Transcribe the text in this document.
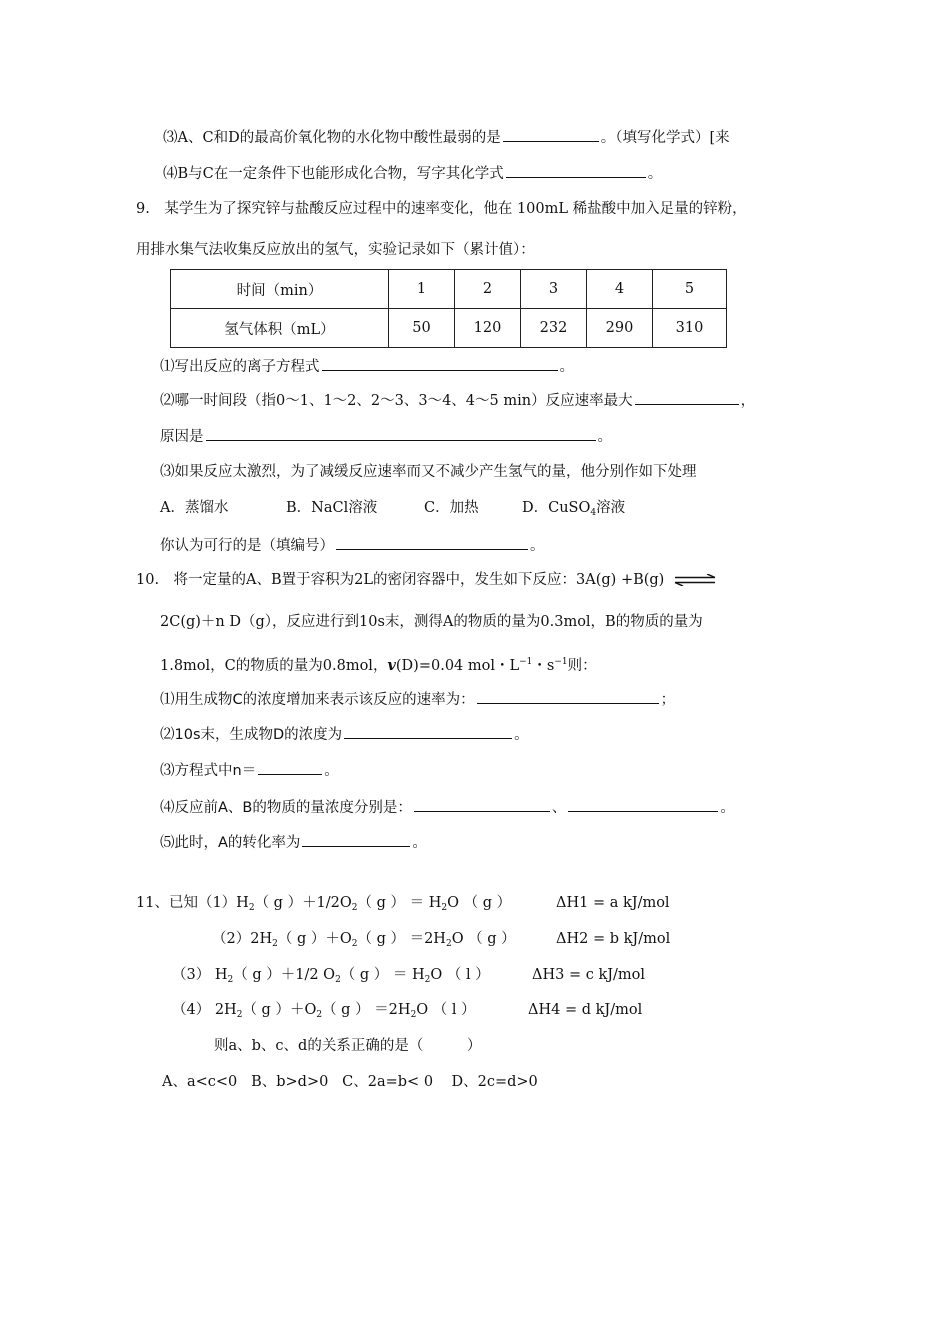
⑶A、C和D的最高价氧化物的水化物中酸性最弱的是	。（填写化学式）[来
⑷B与C在一定条件下也能形成化合物，写字其化学式	。
9.　某学生为了探究锌与盐酸反应过程中的速率变化，他在 100mL 稀盐酸中加入足量的锌粉，
用排水集气法收集反应放出的氢气，实验记录如下（累计值）：
时间（min）	1	2	3	4	5
氢气体积（mL）	50	120	232	290	310
⑴写出反应的离子方程式	。
⑵哪一时间段（指0～1、1～2、2～3、3～4、4～5 min）反应速率最大	，
原因是	。
⑶如果反应太激烈，为了减缓反应速率而又不减少产生氢气的量，他分别作如下处理
A．蒸馏水	B．NaCl溶液	C．加热	D．CuSO$_4$溶液
你认为可行的是（填编号）	。
10.　将一定量的A、B置于容积为2L的密闭容器中，发生如下反应：3A(g) +B(g) ⇌
2C(g)＋n D（g），反应进行到10s末，测得A的物质的量为0.3mol，B的物质的量为
1.8mol，C的物质的量为0.8mol，v(D)=0.04 mol・$L^{-1}$・$s^{-1}$则：
⑴用生成物C的浓度增加来表示该反应的速率为：	；
⑵10s末，生成物D的浓度为	。
⑶方程式中n＝	。
⑷反应前A、B的物质的量浓度分别是：	、	。
⑸此时，A的转化率为	。
11、已知$(1)H_2$（ g ）$+1/2O_2$（ g ） ＝ $H_2O$ （ g ）	ΔH1 = a kJ/mol
$(2)2H_2$（ g ）$+O_2$（ g ） $=2H_2O$ （ g ）	ΔH2 = b kJ/mol
（3） $H_2$（ g ）＋1/2 $O_2$（ g ） ＝ $H_2O$ （ l ）	ΔH3 = c kJ/mol
（4） $2H_2$（ g ）$+O_2$（ g ） $=2H_2O$ （ l ）	ΔH4 = d kJ/mol
则a、b、c、d的关系正确的是（　　　）
A、a<c<0   B、b>d>0   C、2a=b< 0    D、2c=d>0
